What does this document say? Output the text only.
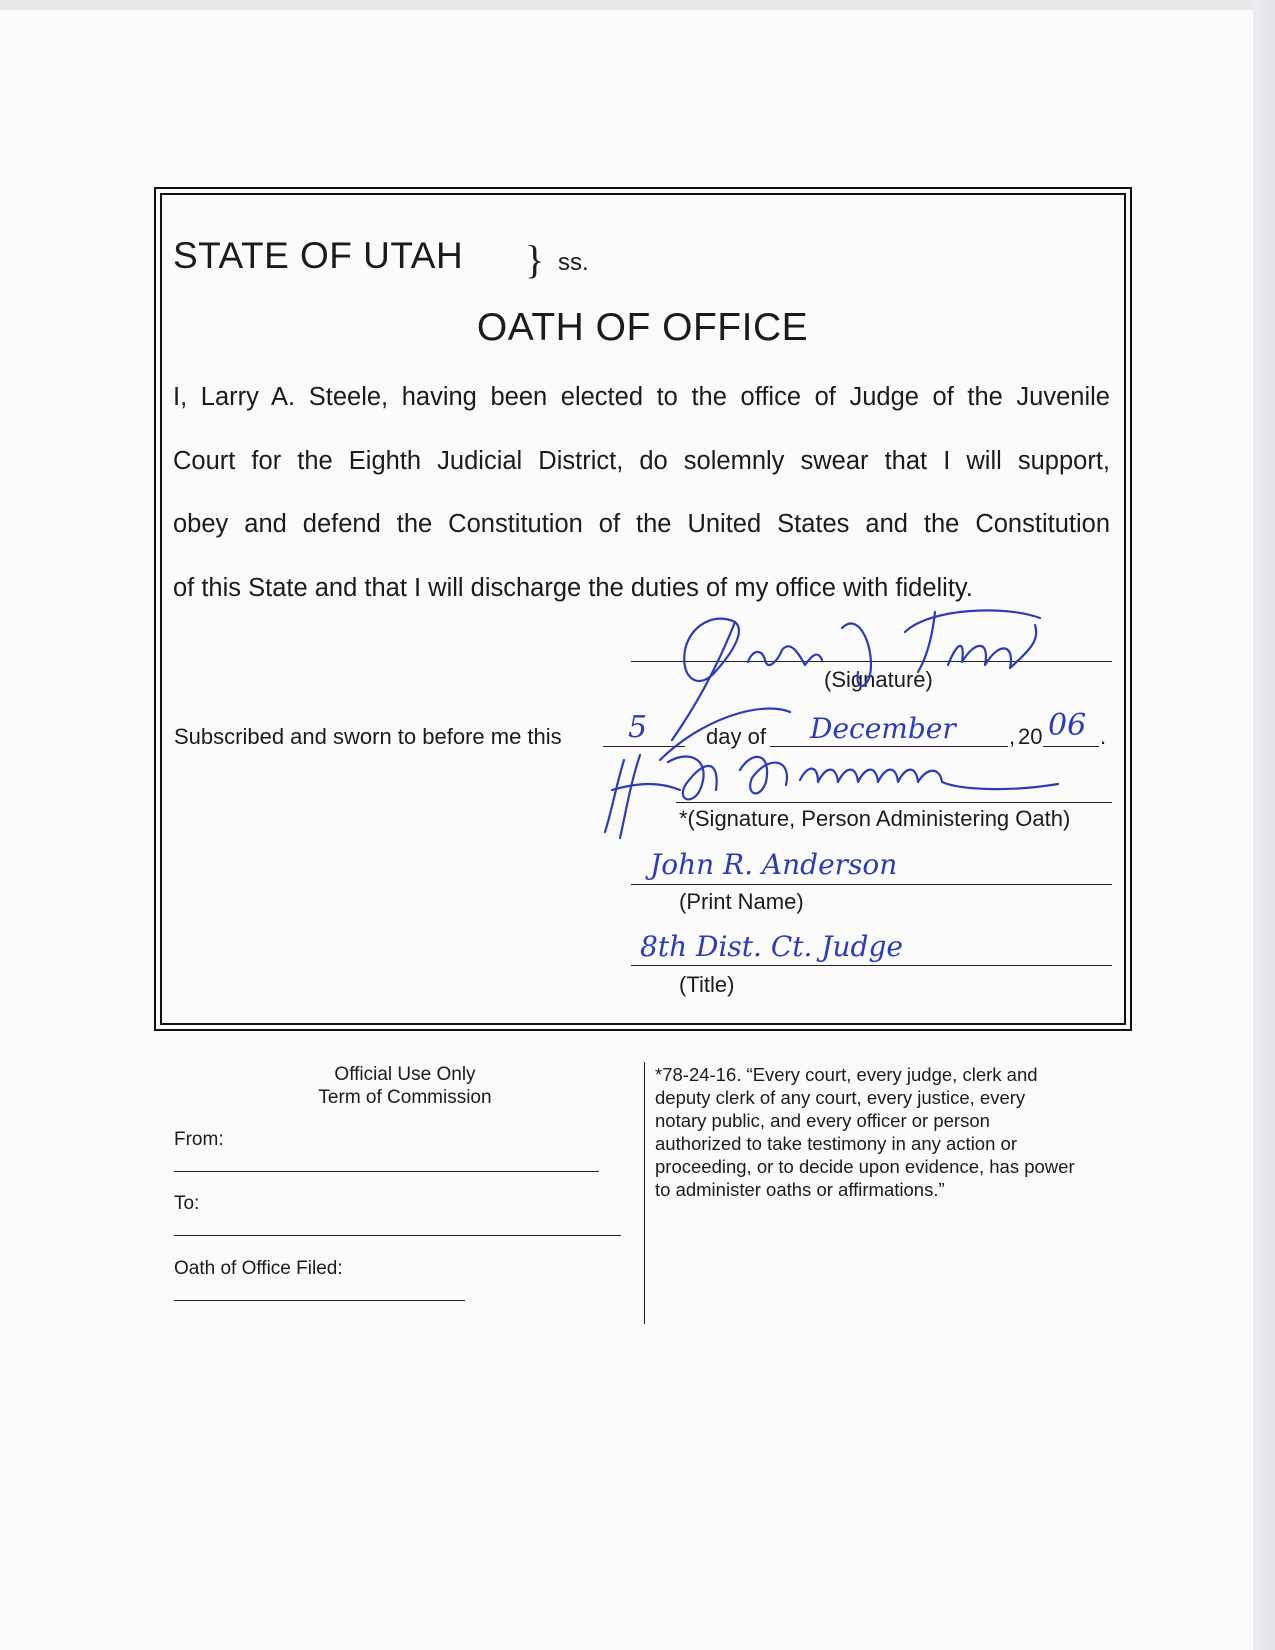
STATE OF UTAH } ss.
OATH OF OFFICE
I, Larry A. Steele, having been elected to the office of Judge of the Juvenile
Court for the Eighth Judicial District, do solemnly swear that I will support,
obey and defend the Constitution of the United States and the Constitution
of this State and that I will discharge the duties of my office with fidelity.
(Signature)
Subscribed and sworn to before me this 5	day of December , 20 06 .
*(Signature, Person Administering Oath)
John R. Anderson
(Print Name)
8th Dist. Ct. Judge
(Title)
Official Use Only
Term of Commission
From:
To:
Oath of Office Filed:
*78-24-16. “Every court, every judge, clerk and
deputy clerk of any court, every justice, every
notary public, and every officer or person
authorized to take testimony in any action or
proceeding, or to decide upon evidence, has power
to administer oaths or affirmations.”
